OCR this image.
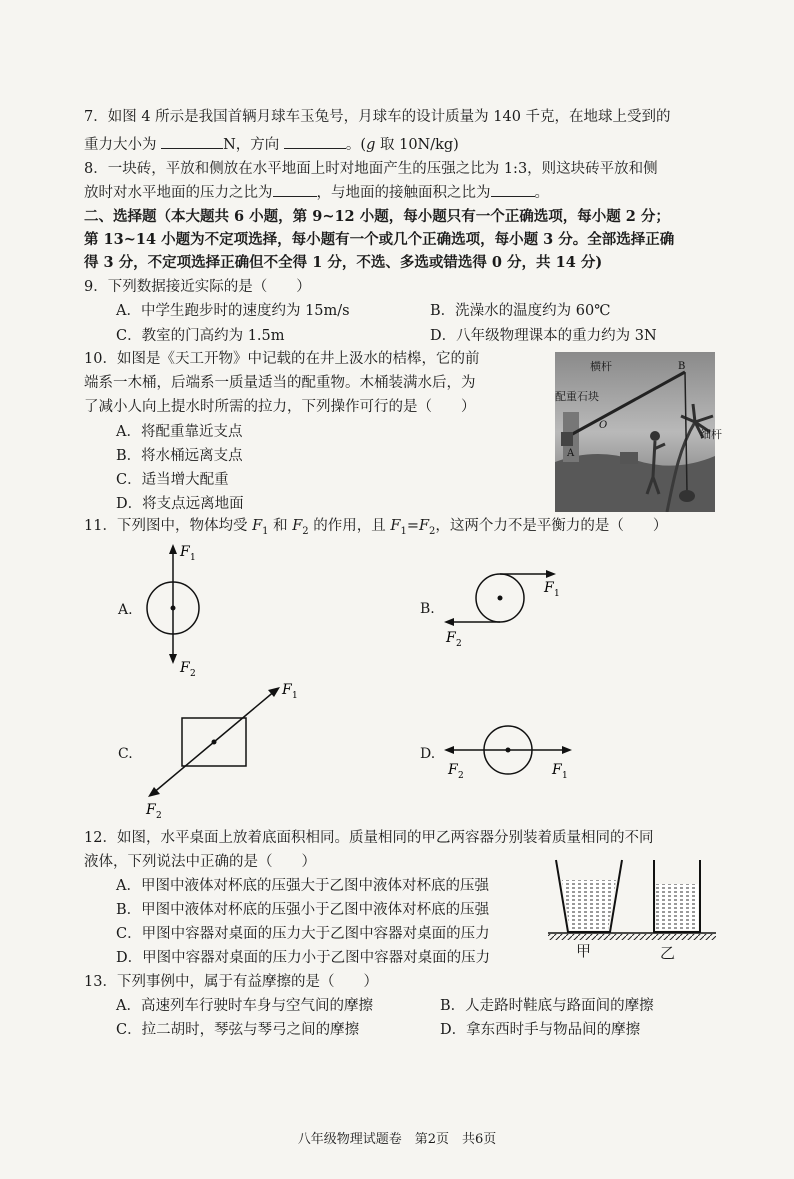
7．如图 4 所示是我国首辆月球车玉兔号，月球车的设计质量为 140 千克，在地球上受到的
重力大小为	N，方向	。(g 取 10N/kg)
8．一块砖，平放和侧放在水平地面上时对地面产生的压强之比为 1:3，则这块砖平放和侧
放时对水平地面的压力之比为	，与地面的接触面积之比为	。
二、选择题（本大题共 6 小题，第 9~12 小题，每小题只有一个正确选项，每小题 2 分；
第 13~14 小题为不定项选择，每小题有一个或几个正确选项，每小题 3 分。全部选择正确
得 3 分，不定项选择正确但不全得 1 分，不选、多选或错选得 0 分，共 14 分)
9．下列数据接近实际的是（　　）
A．中学生跑步时的速度约为 15m/s	B．洗澡水的温度约为 60℃
C．教室的门高约为 1.5m	D．八年级物理课本的重力约为 3N
10．如图是《天工开物》中记载的在井上汲水的桔槔，它的前
端系一木桶，后端系一质量适当的配重物。木桶装满水后，为
了减小人向上提水时所需的拉力，下列操作可行的是（　　）
A．将配重靠近支点
B．将水桶远离支点
C．适当增大配重
D．将支点远离地面
B
A
O
横杆
配重石块
细杆
11．下列图中，物体均受 $F_1$ 和 $F_2$ 的作用，且 $F_1=F_2$，这两个力不是平衡力的是（　　）
A.	B.
C.	D.
F 1
F 2
F 1
F 2
F 1
F 2
F 2	F 1
12．如图，水平桌面上放着底面积相同。质量相同的甲乙两容器分别装着质量相同的不同
液体，下列说法中正确的是（　　）
A．甲图中液体对杯底的压强大于乙图中液体对杯底的压强
B．甲图中液体对杯底的压强小于乙图中液体对杯底的压强
C．甲图中容器对桌面的压力大于乙图中容器对桌面的压力
D．甲图中容器对桌面的压力小于乙图中容器对桌面的压力	甲	乙
13．下列事例中，属于有益摩擦的是（　　）
A．高速列车行驶时车身与空气间的摩擦	B．人走路时鞋底与路面间的摩擦
C．拉二胡时，琴弦与琴弓之间的摩擦	D．拿东西时手与物品间的摩擦
八年级物理试题卷　第2页　共6页
